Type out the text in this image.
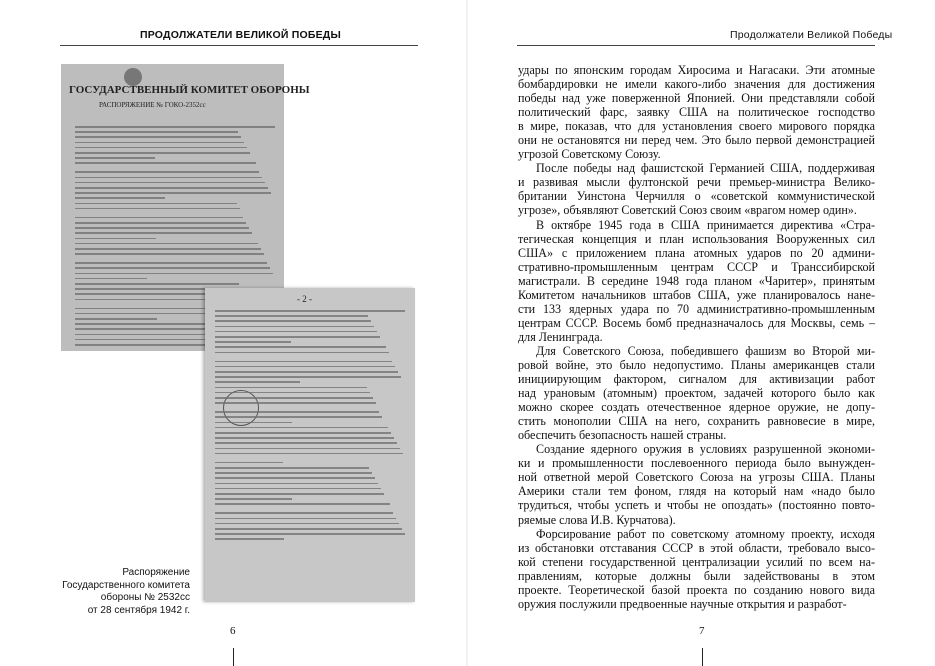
ПРОДОЛЖАТЕЛИ ВЕЛИКОЙ ПОБЕДЫ
ГОСУДАРСТВЕННЫЙ КОМИТЕТ ОБОРОНЫ
РАСПОРЯЖЕНИЕ № ГОКО-2352сс
- 2 -
Распоряжение
Государственного комитета
обороны № 2532сс
от 28 сентября 1942 г.
6
Продолжатели Великой Победы

удары по японским городам Хиросима и Нагасаки. Эти атомные
бомбардировки не имели какого-либо значения для достижения
победы над уже поверженной Японией. Они представляли собой
политический фарс, заявку США на политическое господство
в мире, показав, что для установления своего мирового порядка
они не остановятся ни перед чем. Это было первой демонстрацией
угрозой Советскому Союзу.

После победы над фашистской Германией США, поддерживая
и развивая мысли фултонской речи премьер-министра Велико-
британии Уинстона Черчилля о «советской коммунистической
угрозе», объявляют Советский Союз своим «врагом номер один».

В октябре 1945 года в США принимается директива «Стра-
тегическая концепция и план использования Вооруженных сил
США» с приложением плана атомных ударов по 20 админи-
стративно-промышленным центрам СССР и Транссибирской
магистрали. В середине 1948 года планом «Чаритер», принятым
Комитетом начальников штабов США, уже планировалось нане-
сти 133 ядерных удара по 70 административно-промышленным
центрам СССР. Восемь бомб предназначалось для Москвы, семь –
для Ленинграда.

Для Советского Союза, победившего фашизм во Второй ми-
ровой войне, это было недопустимо. Планы американцев стали
инициирующим фактором, сигналом для активизации работ
над урановым (атомным) проектом, задачей которого было как
можно скорее создать отечественное ядерное оружие, не допу-
стить монополии США на него, сохранить равновесие в мире,
обеспечить безопасность нашей страны.

Создание ядерного оружия в условиях разрушенной экономи-
ки и промышленности послевоенного периода было вынужден-
ной ответной мерой Советского Союза на угрозы США. Планы
Америки стали тем фоном, глядя на который нам «надо было
трудиться, чтобы успеть и чтобы не опоздать» (постоянно повто-
ряемые слова И.В. Курчатова).

Форсирование работ по советскому атомному проекту, исходя
из обстановки отставания СССР в этой области, требовало высо-
кой степени государственной централизации усилий по всем на-
правлениям, которые должны были задействованы в этом
проекте. Теоретической базой проекта по созданию нового вида
оружия послужили предвоенные научные открытия и разработ-

7
